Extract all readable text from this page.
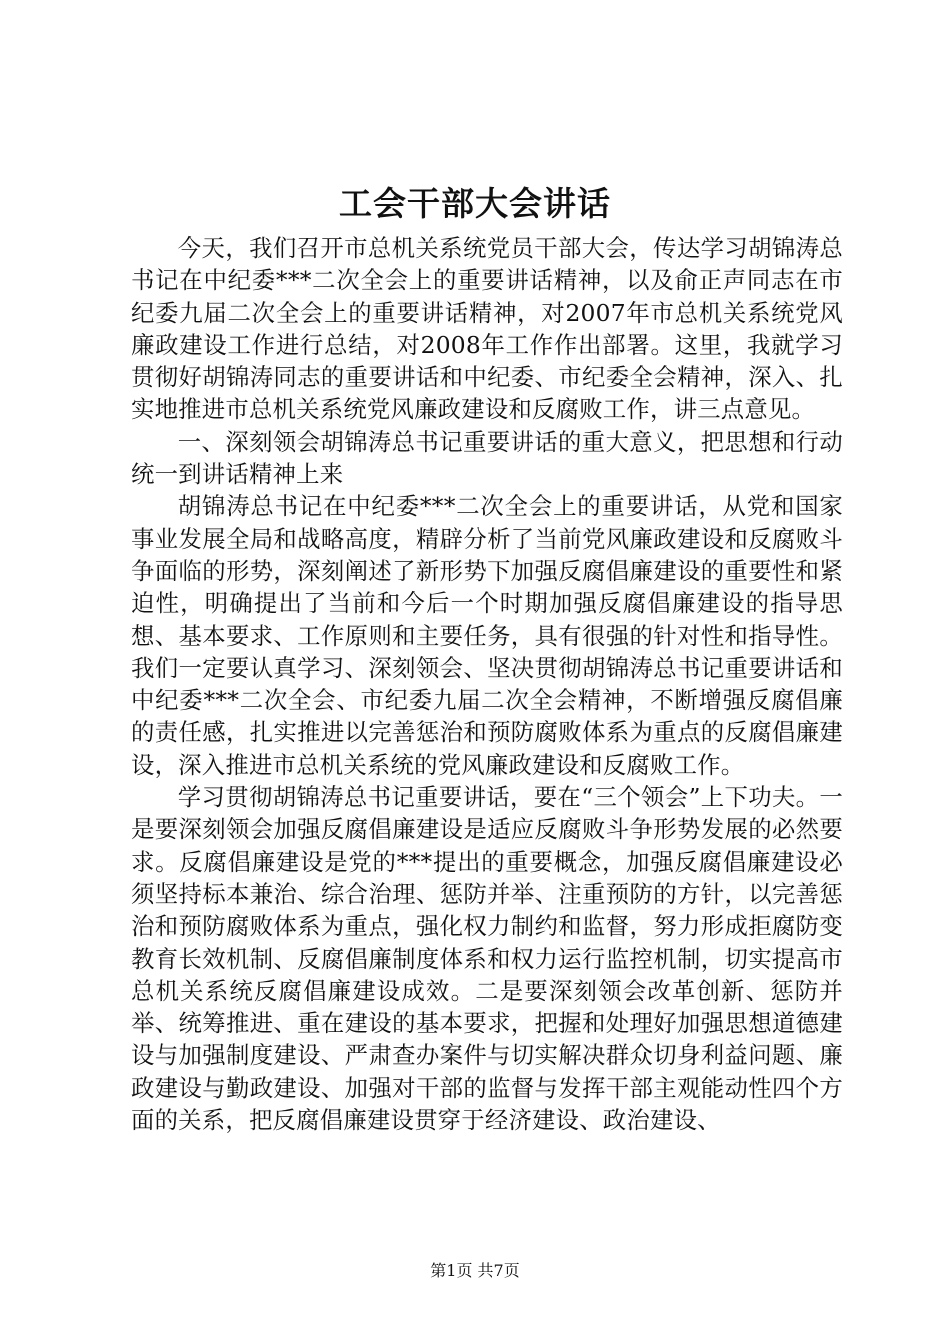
工会干部大会讲话

今天，我们召开市总机关系统党员干部大会，传达学习胡锦涛总书记在中纪委***二次全会上的重要讲话精神，以及俞正声同志在市纪委九届二次全会上的重要讲话精神，对2007年市总机关系统党风廉政建设工作进行总结，对2008年工作作出部署。这里，我就学习贯彻好胡锦涛同志的重要讲话和中纪委、市纪委全会精神，深入、扎实地推进市总机关系统党风廉政建设和反腐败工作，讲三点意见。

一、深刻领会胡锦涛总书记重要讲话的重大意义，把思想和行动统一到讲话精神上来

胡锦涛总书记在中纪委***二次全会上的重要讲话，从党和国家事业发展全局和战略高度，精辟分析了当前党风廉政建设和反腐败斗争面临的形势，深刻阐述了新形势下加强反腐倡廉建设的重要性和紧迫性，明确提出了当前和今后一个时期加强反腐倡廉建设的指导思想、基本要求、工作原则和主要任务，具有很强的针对性和指导性。我们一定要认真学习、深刻领会、坚决贯彻胡锦涛总书记重要讲话和中纪委***二次全会、市纪委九届二次全会精神，不断增强反腐倡廉的责任感，扎实推进以完善惩治和预防腐败体系为重点的反腐倡廉建设，深入推进市总机关系统的党风廉政建设和反腐败工作。

学习贯彻胡锦涛总书记重要讲话，要在“三个领会”上下功夫。一是要深刻领会加强反腐倡廉建设是适应反腐败斗争形势发展的必然要求。反腐倡廉建设是党的***提出的重要概念，加强反腐倡廉建设必须坚持标本兼治、综合治理、惩防并举、注重预防的方针，以完善惩治和预防腐败体系为重点，强化权力制约和监督，努力形成拒腐防变教育长效机制、反腐倡廉制度体系和权力运行监控机制，切实提高市总机关系统反腐倡廉建设成效。二是要深刻领会改革创新、惩防并举、统筹推进、重在建设的基本要求，把握和处理好加强思想道德建设与加强制度建设、严肃查办案件与切实解决群众切身利益问题、廉政建设与勤政建设、加强对干部的监督与发挥干部主观能动性四个方面的关系，把反腐倡廉建设贯穿于经济建设、政治建设、

第1页 共7页
